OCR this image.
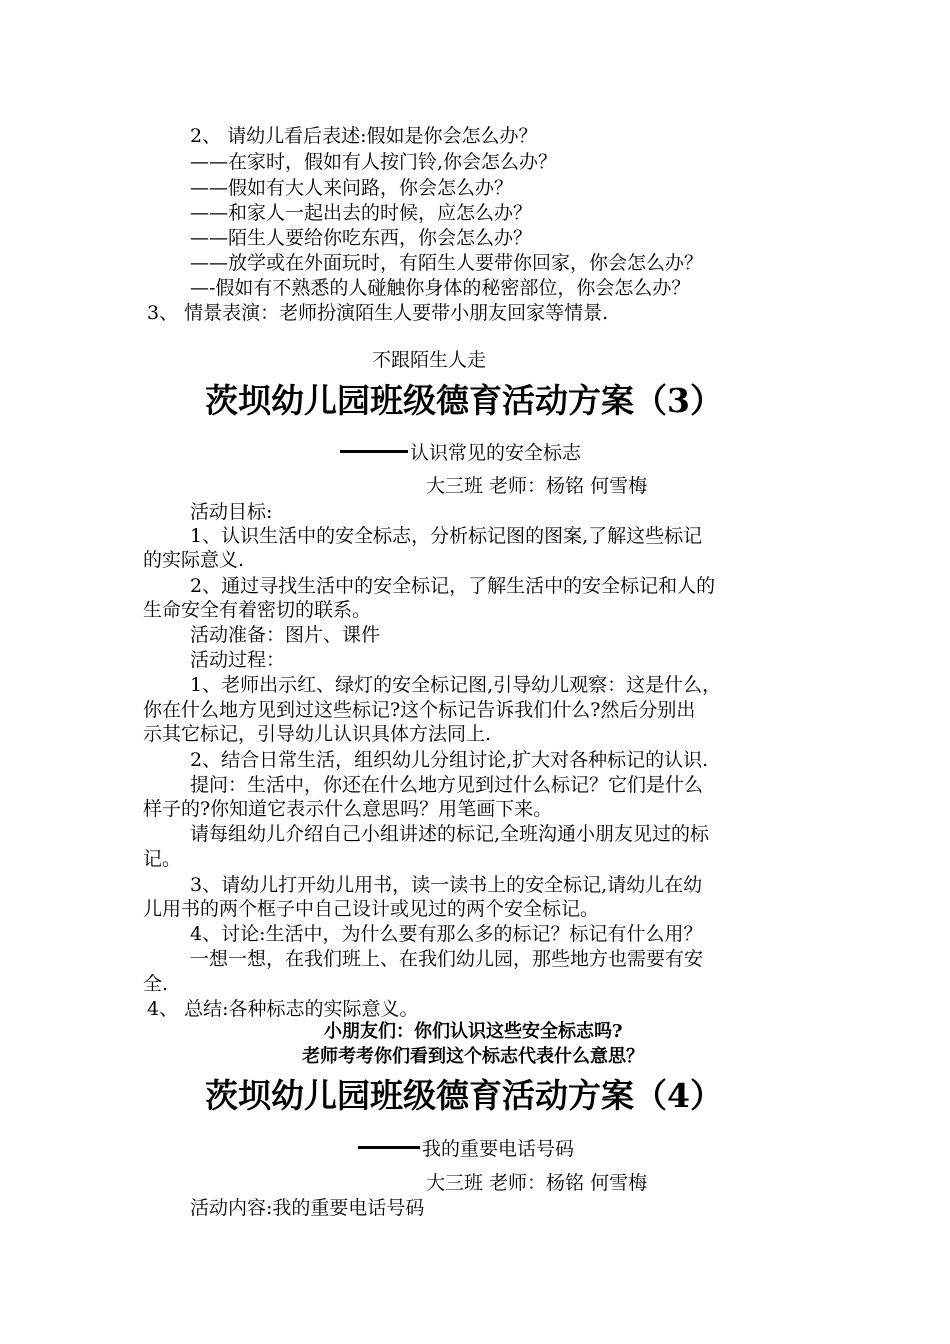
2、 请幼儿看后表述:假如是你会怎么办？
——在家时，假如有人按门铃,你会怎么办？
——假如有大人来问路，你会怎么办？
——和家人一起出去的时候，应怎么办？
——陌生人要给你吃东西，你会怎么办？
——放学或在外面玩时，有陌生人要带你回家，你会怎么办？
—-假如有不熟悉的人碰触你身体的秘密部位，你会怎么办？
3、 情景表演：老师扮演陌生人要带小朋友回家等情景.
不跟陌生人走
茨坝幼儿园班级德育活动方案（3）
认识常见的安全标志
大三班 老师：杨铭 何雪梅
活动目标:
1、认识生活中的安全标志，分析标记图的图案,了解这些标记
的实际意义.
2、通过寻找生活中的安全标记，了解生活中的安全标记和人的
生命安全有着密切的联系。
活动准备：图片、课件
活动过程：
1、老师出示红、绿灯的安全标记图,引导幼儿观察：这是什么，
你在什么地方见到过这些标记?这个标记告诉我们什么?然后分别出
示其它标记，引导幼儿认识具体方法同上.
2、结合日常生活，组织幼儿分组讨论,扩大对各种标记的认识.
提问：生活中，你还在什么地方见到过什么标记？它们是什么
样子的?你知道它表示什么意思吗？用笔画下来。
请每组幼儿介绍自己小组讲述的标记,全班沟通小朋友见过的标
记。
3、请幼儿打开幼儿用书，读一读书上的安全标记,请幼儿在幼
儿用书的两个框子中自己设计或见过的两个安全标记。
4、讨论:生活中，为什么要有那么多的标记？标记有什么用？
一想一想，在我们班上、在我们幼儿园，那些地方也需要有安
全.
4、 总结:各种标志的实际意义。
小朋友们：你们认识这些安全标志吗?
老师考考你们看到这个标志代表什么意思？
茨坝幼儿园班级德育活动方案（4）
我的重要电话号码
大三班 老师：杨铭 何雪梅
活动内容:我的重要电话号码
